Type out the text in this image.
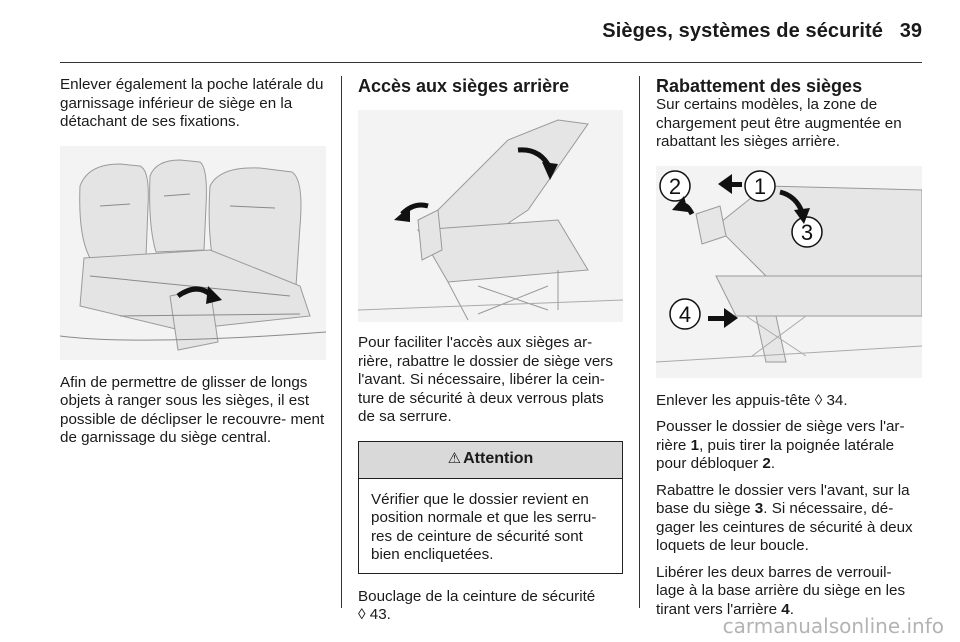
Sièges, systèmes de sécurité 39

Enlever également la poche latérale du garnissage inférieur de siège en la détachant de ses fixations.

Afin de permettre de glisser de longs objets à ranger sous les sièges, il est possible de déclipser le recouvre- ment de garnissage du siège central.

Accès aux sièges arrière

Pour faciliter l'accès aux sièges ar- rière, rabattre le dossier de siège vers l'avant. Si nécessaire, libérer la cein- ture de sécurité à deux verrous plats de sa serrure.

⚠ Attention
Vérifier que le dossier revient en position normale et que les serru- res de ceinture de sécurité sont bien encliquetées.

Bouclage de la ceinture de sécurité
◊ 43.

Rabattement des sièges

Sur certains modèles, la zone de chargement peut être augmentée en rabattant les sièges arrière.

2	1
3
4

Enlever les appuis-tête ◊ 34.

Pousser le dossier de siège vers l'ar- rière 1, puis tirer la poignée latérale pour débloquer 2.

Rabattre le dossier vers l'avant, sur la base du siège 3. Si nécessaire, dé- gager les ceintures de sécurité à deux loquets de leur boucle.

Libérer les deux barres de verrouil- lage à la base arrière du siège en les tirant vers l'arrière 4.

carmanualsonline.info
